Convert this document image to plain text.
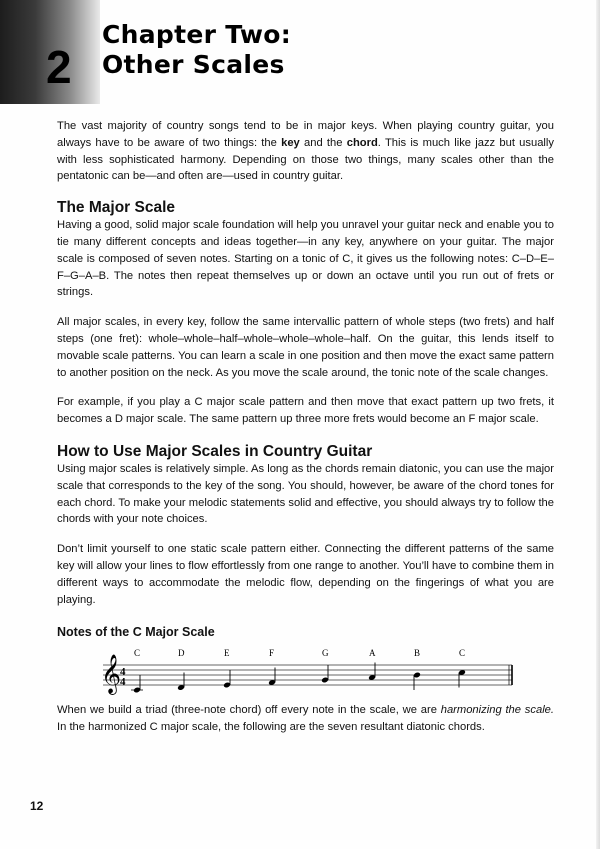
2
Chapter Two:
Other Scales

The vast majority of country songs tend to be in major keys. When playing country guitar, you always have to be aware of two things: the key and the chord. This is much like jazz but usually with less sophisticated harmony. Depending on those two things, many scales other than the pentatonic can be—and often are—used in country guitar.

The Major Scale

Having a good, solid major scale foundation will help you unravel your guitar neck and enable you to tie many different concepts and ideas together—in any key, anywhere on your guitar. The major scale is composed of seven notes. Starting on a tonic of C, it gives us the following notes: C–D–E–F–G–A–B. The notes then repeat themselves up or down an octave until you run out of frets or strings.

All major scales, in every key, follow the same intervallic pattern of whole steps (two frets) and half steps (one fret): whole–whole–half–whole–whole–whole–half. On the guitar, this lends itself to movable scale patterns. You can learn a scale in one position and then move the exact same pattern to another position on the neck. As you move the scale around, the tonic note of the scale changes.

For example, if you play a C major scale pattern and then move that exact pattern up two frets, it becomes a D major scale. The same pattern up three more frets would become an F major scale.

How to Use Major Scales in Country Guitar

Using major scales is relatively simple. As long as the chords remain diatonic, you can use the major scale that corresponds to the key of the song. You should, however, be aware of the chord tones for each chord. To make your melodic statements solid and effective, you should always try to follow the chords with your note choices.

Don’t limit yourself to one static scale pattern either. Connecting the different patterns of the same key will allow your lines to flow effortlessly from one range to another. You’ll have to combine them in different ways to accommodate the melodic flow, depending on the fingerings of what you are playing.

Notes of the C Major Scale
𝄞
4
4
C	D	E	F	G	A	B	C

When we build a triad (three-note chord) off every note in the scale, we are harmonizing the scale. In the harmonized C major scale, the following are the seven resultant diatonic chords.

12
